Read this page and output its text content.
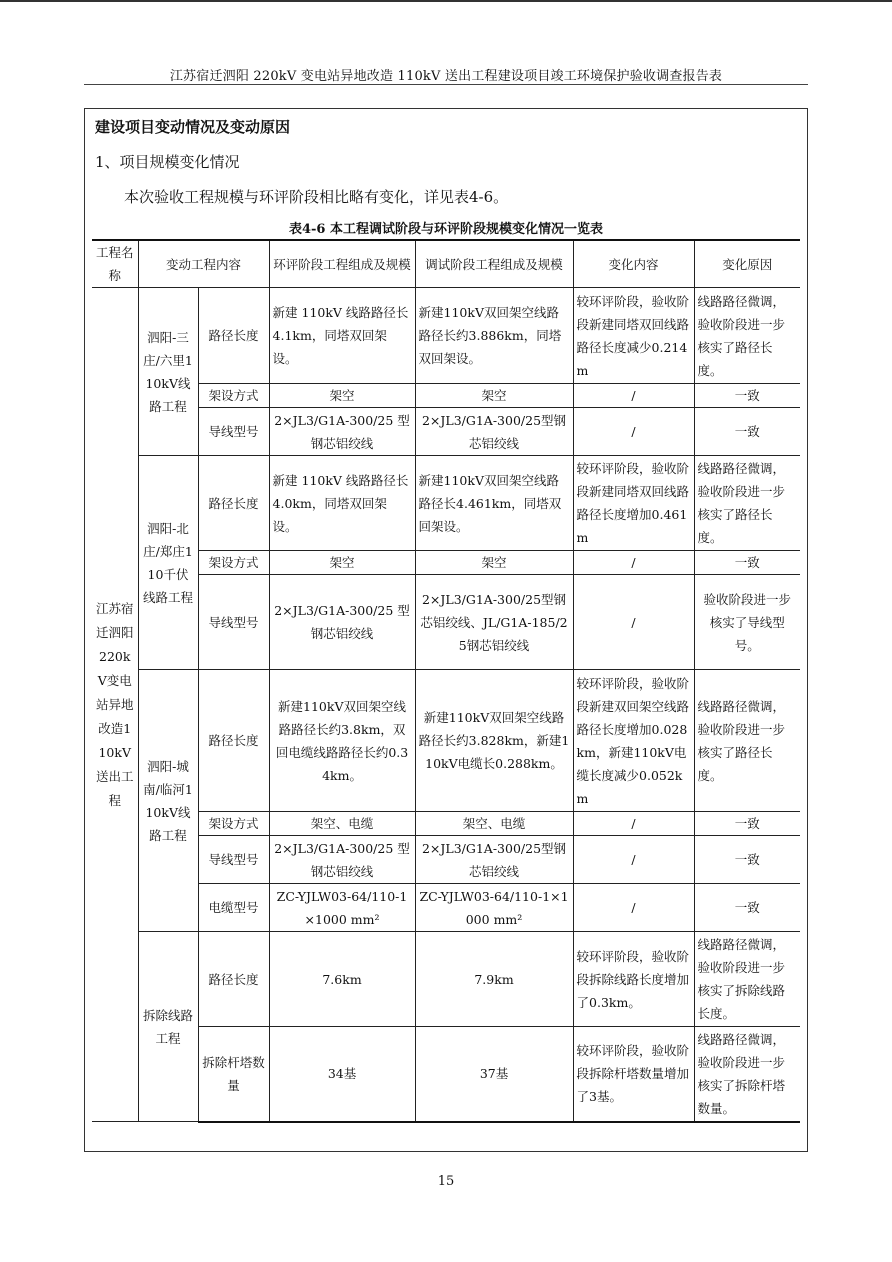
江苏宿迁泗阳 220kV 变电站异地改造 110kV 送出工程建设项目竣工环境保护验收调查报告表
建设项目变动情况及变动原因
1、项目规模变化情况
本次验收工程规模与环评阶段相比略有变化，详见表4-6。
表4-6 本工程调试阶段与环评阶段规模变化情况一览表
工程名称	变动工程内容		环评阶段工程组成及规模	调试阶段工程组成及规模	变化内容	变化原因
江苏宿迁泗阳220kV变电站异地改造110kV送出工程	泗阳-三庄/六里110kV线路工程	路径长度	新建 110kV 线路路径长 4.1km，同塔双回架设。	新建110kV双回架空线路路径长约3.886km，同塔双回架设。	较环评阶段，验收阶段新建同塔双回线路路径长度减少0.214m	线路路径微调，验收阶段进一步核实了路径长度。
		架设方式	架空	架空	/	一致
		导线型号	2×JL3/G1A-300/25 型钢芯铝绞线	2×JL3/G1A-300/25型钢芯铝绞线	/	一致
	泗阳-北庄/郑庄110千伏线路工程	路径长度	新建 110kV 线路路径长 4.0km，同塔双回架设。	新建110kV双回架空线路路径长4.461km，同塔双回架设。	较环评阶段，验收阶段新建同塔双回线路路径长度增加0.461m	线路路径微调，验收阶段进一步核实了路径长度。
		架设方式	架空	架空	/	一致
		导线型号	2×JL3/G1A-300/25 型钢芯铝绞线	2×JL3/G1A-300/25型钢芯铝绞线、JL/G1A-185/25钢芯铝绞线	/	验收阶段进一步核实了导线型号。
	泗阳-城南/临河110kV线路工程	路径长度	新建110kV双回架空线路路径长约3.8km，双回电缆线路路径长约0.34km。	新建110kV双回架空线路路径长约3.828km，新建110kV电缆长0.288km。	较环评阶段，验收阶段新建双回架空线路路径长度增加0.028km，新建110kV电缆长度减少0.052km	线路路径微调，验收阶段进一步核实了路径长度。
		架设方式	架空、电缆	架空、电缆	/	一致
		导线型号	2×JL3/G1A-300/25 型钢芯铝绞线	2×JL3/G1A-300/25型钢芯铝绞线	/	一致
		电缆型号	ZC-YJLW03-64/110-1×1000 mm²	ZC-YJLW03-64/110-1×1000 mm²	/	一致
	拆除线路工程	路径长度	7.6km	7.9km	较环评阶段，验收阶段拆除线路长度增加了0.3km。	线路路径微调，验收阶段进一步核实了拆除线路长度。
		拆除杆塔数量	34基	37基	较环评阶段，验收阶段拆除杆塔数量增加了3基。	线路路径微调，验收阶段进一步核实了拆除杆塔数量。
15
